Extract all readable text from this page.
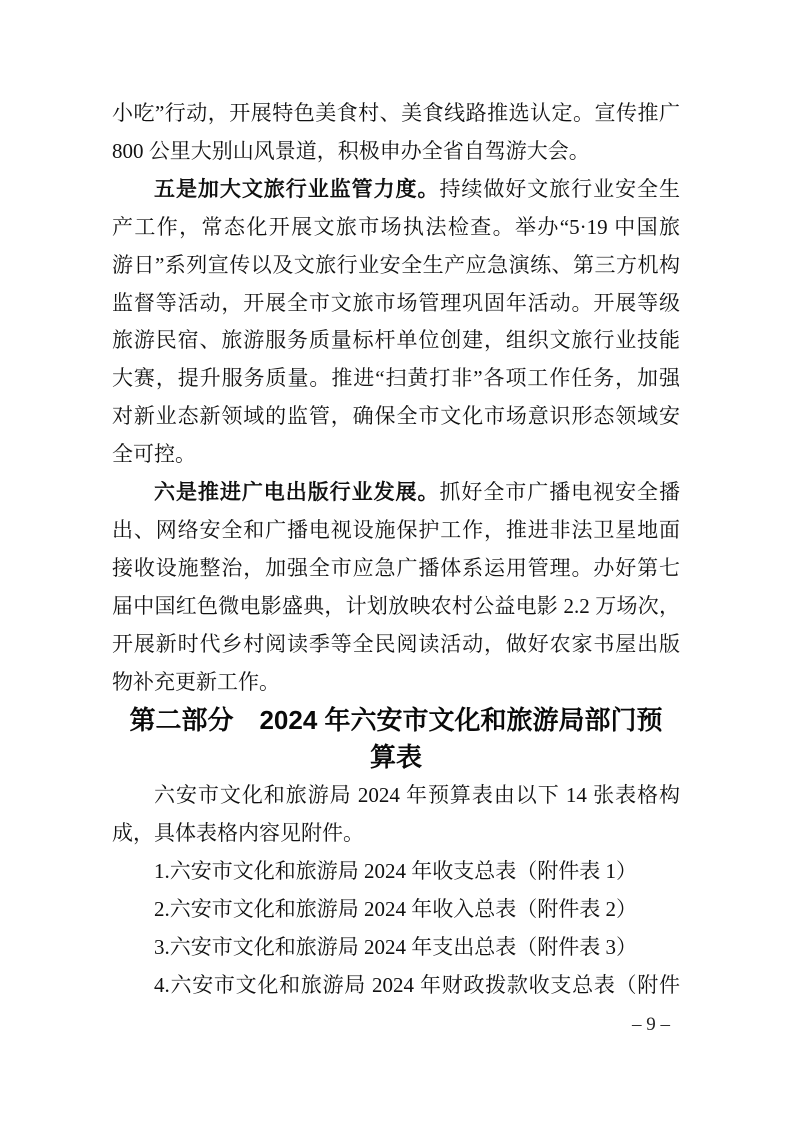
小吃”行动，开展特色美食村、美食线路推选认定。宣传推广
800 公里大别山风景道，积极申办全省自驾游大会。
五是加大文旅行业监管力度。持续做好文旅行业安全生
产工作，常态化开展文旅市场执法检查。举办“5·19 中国旅
游日”系列宣传以及文旅行业安全生产应急演练、第三方机构
监督等活动，开展全市文旅市场管理巩固年活动。开展等级
旅游民宿、旅游服务质量标杆单位创建，组织文旅行业技能
大赛，提升服务质量。推进“扫黄打非”各项工作任务，加强
对新业态新领域的监管，确保全市文化市场意识形态领域安
全可控。
六是推进广电出版行业发展。抓好全市广播电视安全播
出、网络安全和广播电视设施保护工作，推进非法卫星地面
接收设施整治，加强全市应急广播体系运用管理。办好第七
届中国红色微电影盛典，计划放映农村公益电影 2.2 万场次，
开展新时代乡村阅读季等全民阅读活动，做好农家书屋出版
物补充更新工作。
第二部分　2024 年六安市文化和旅游局部门预
算表
六安市文化和旅游局 2024 年预算表由以下 14 张表格构
成，具体表格内容见附件。
1.六安市文化和旅游局 2024 年收支总表（附件表 1）
2.六安市文化和旅游局 2024 年收入总表（附件表 2）
3.六安市文化和旅游局 2024 年支出总表（附件表 3）
4.六安市文化和旅游局 2024 年财政拨款收支总表（附件
– 9 –
